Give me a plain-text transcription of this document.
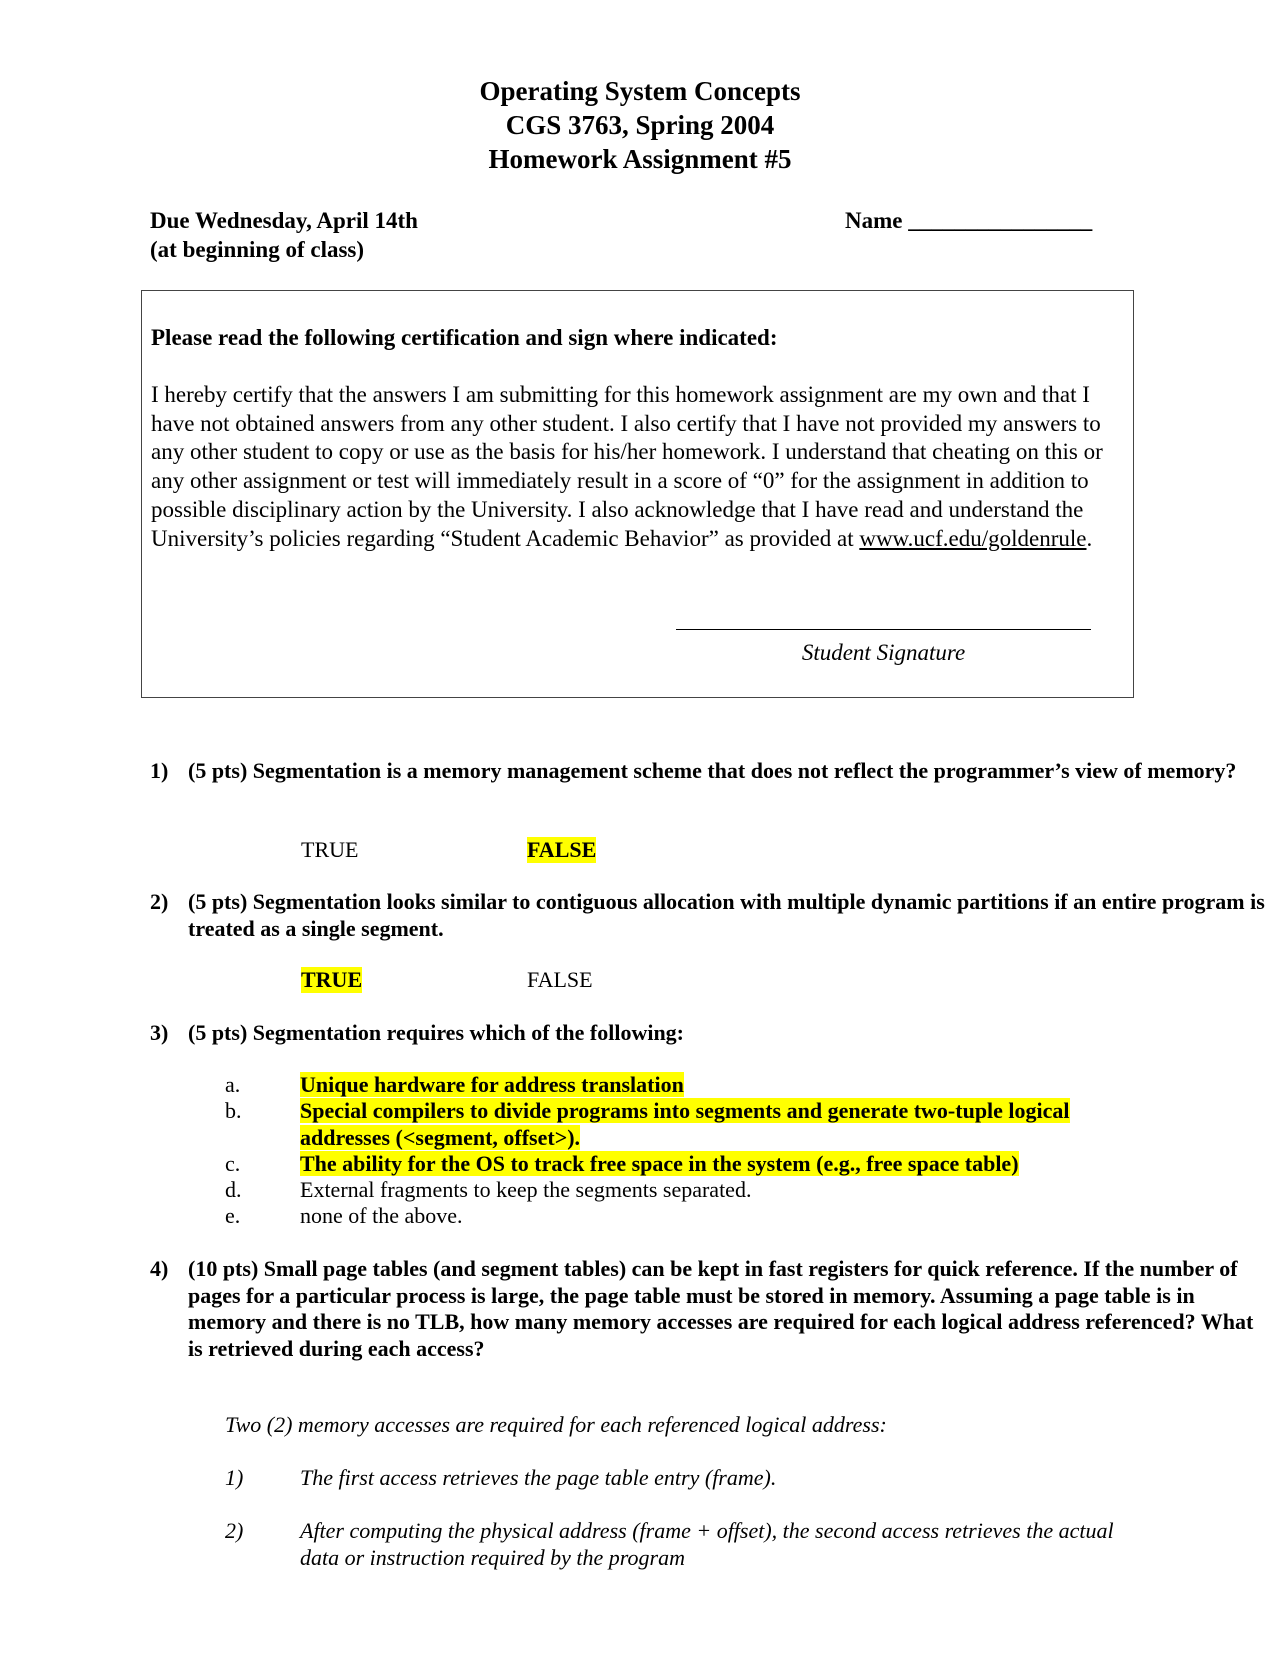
Operating System Concepts
CGS 3763, Spring 2004
Homework Assignment #5
Due Wednesday, April 14th
(at beginning of class)
Name ________________
Please read the following certification and sign where indicated:
I hereby certify that the answers I am submitting for this homework assignment are my own and that I have not obtained answers from any other student. I also certify that I have not provided my answers to any other student to copy or use as the basis for his/her homework. I understand that cheating on this or any other assignment or test will immediately result in a score of “0” for the assignment in addition to possible disciplinary action by the University. I also acknowledge that I have read and understand the University’s policies regarding “Student Academic Behavior” as provided at www.ucf.edu/goldenrule.
Student Signature
1) (5 pts) Segmentation is a memory management scheme that does not reflect the programmer’s view of memory?
TRUE	FALSE
2) (5 pts) Segmentation looks similar to contiguous allocation with multiple dynamic partitions if an entire program is treated as a single segment.
TRUE	FALSE
3) (5 pts) Segmentation requires which of the following:
a.	Unique hardware for address translation
b.	Special compilers to divide programs into segments and generate two-tuple logical addresses (<segment, offset>).
c.	The ability for the OS to track free space in the system (e.g., free space table)
d.	External fragments to keep the segments separated.
e.	none of the above.
4) (10 pts) Small page tables (and segment tables) can be kept in fast registers for quick reference. If the number of pages for a particular process is large, the page table must be stored in memory. Assuming a page table is in memory and there is no TLB, how many memory accesses are required for each logical address referenced? What is retrieved during each access?
Two (2) memory accesses are required for each referenced logical address:
1)	The first access retrieves the page table entry (frame).
2)	After computing the physical address (frame + offset), the second access retrieves the actual data or instruction required by the program
